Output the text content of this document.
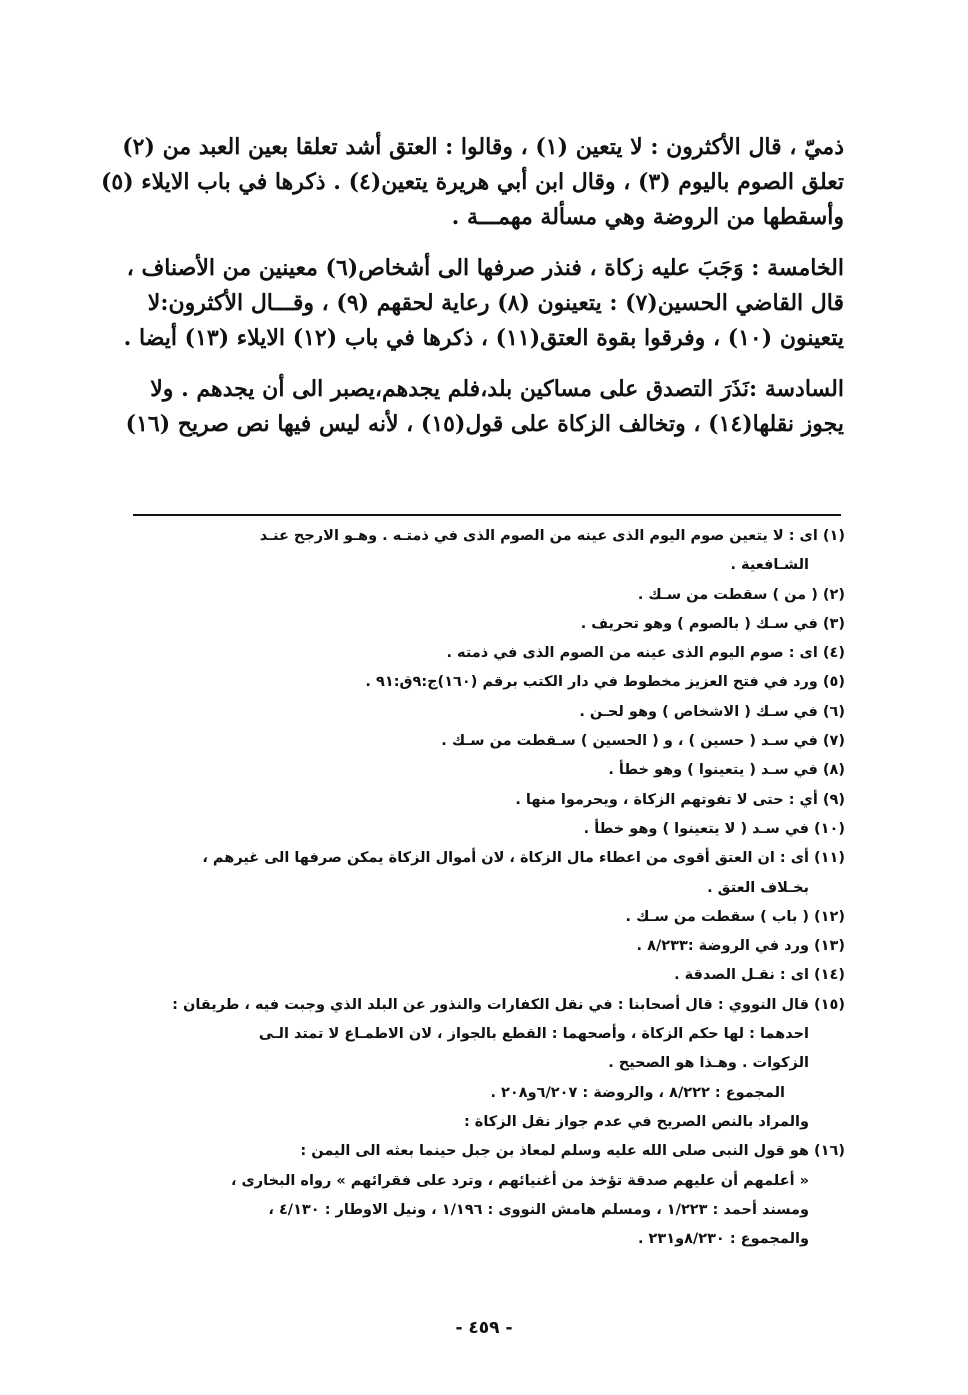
ذميّ ، قال الأكثرون : لا يتعين (١) ، وقالوا : العتق أشد تعلقا بعين العبد من (٢)
تعلق الصوم باليوم (٣) ، وقال ابن أبي هريرة يتعين(٤) . ذكرها في باب الايلاء (٥)
وأسقطها من الروضة وهي مسألة مهمـــة .

الخامسة : وَجَبَ عليه زكاة ، فنذر صرفها الى أشخاص(٦) معينين من الأصناف ،
قال القاضي الحسين(٧) : يتعينون (٨) رعاية لحقهم (٩) ، وقـــال الأكثرون:لا
يتعينون (١٠) ، وفرقوا بقوة العتق(١١) ، ذكرها في باب (١٢) الايلاء (١٣) أيضا .

السادسة :نَذَرَ التصدق على مساكين بلد،فلم يجدهم،يصبر الى أن يجدهم . ولا
يجوز نقلها(١٤) ، وتخالف الزكاة على قول(١٥) ، لأنه ليس فيها نص صريح (١٦)

(١) اى : لا يتعين صوم اليوم الذى عينه من الصوم الذى في ذمتـه . وهـو الارجح عنـد
الشـافعية .
(٢) ( من ) سقطت من سـك .
(٣) في سـك ( بالصوم ) وهو تحريف .
(٤) اى : صوم اليوم الذى عينه من الصوم الذى في ذمته .
(٥) ورد في فتح العزيز مخطوط في دار الكتب برقم (١٦٠)ج:٩ق:٩١ .
(٦) في سـك ( الاشخاص ) وهو لحـن .
(٧) في سـد ( حسين ) ، و ( الحسين ) سـقطت من سـك .
(٨) في سـد ( يتعينوا ) وهو خطأ .
(٩) أي : حتى لا تفوتهم الزكاة ، ويحرموا منها .
(١٠) في سـد ( لا يتعينوا ) وهو خطأ .
(١١) أى : ان العتق أقوى من اعطاء مال الزكاة ، لان أموال الزكاة يمكن صرفها الى غيرهم ،
بخـلاف العتق .
(١٢) ( باب ) سقطت من سـك .
(١٣) ورد في الروضة :٨/٢٣٣ .
(١٤) اى : نقـل الصدقة .
(١٥) قال النووي : قال أصحابنا : في نقل الكفارات والنذور عن البلد الذي وجبت فيه ، طريقان :
احدهما : لها حكم الزكاة ، وأصحهما : القطع بالجواز ، لان الاطمـاع لا تمتد الـى
الزكوات . وهـذا هو الصحيح .
المجموع : ٨/٢٢٢ ، والروضة : ٦/٢٠٧و٢٠٨ .
والمراد بالنص الصريح في عدم جواز نقل الزكاة :
(١٦) هو قول النبى صلى الله عليه وسلم لمعاذ بن جبل حينما بعثه الى اليمن :
« أعلمهم أن عليهم صدقة تؤخذ من أغنيائهم ، وترد على فقرائهم » رواه البخارى ،
ومسند أحمد : ١/٢٢٣ ، ومسلم هامش النووى : ١/١٩٦ ، ونيل الاوطار : ٤/١٣٠ ،
والمجموع : ٨/٢٣٠و٢٣١ .
- ٤٥٩ -
